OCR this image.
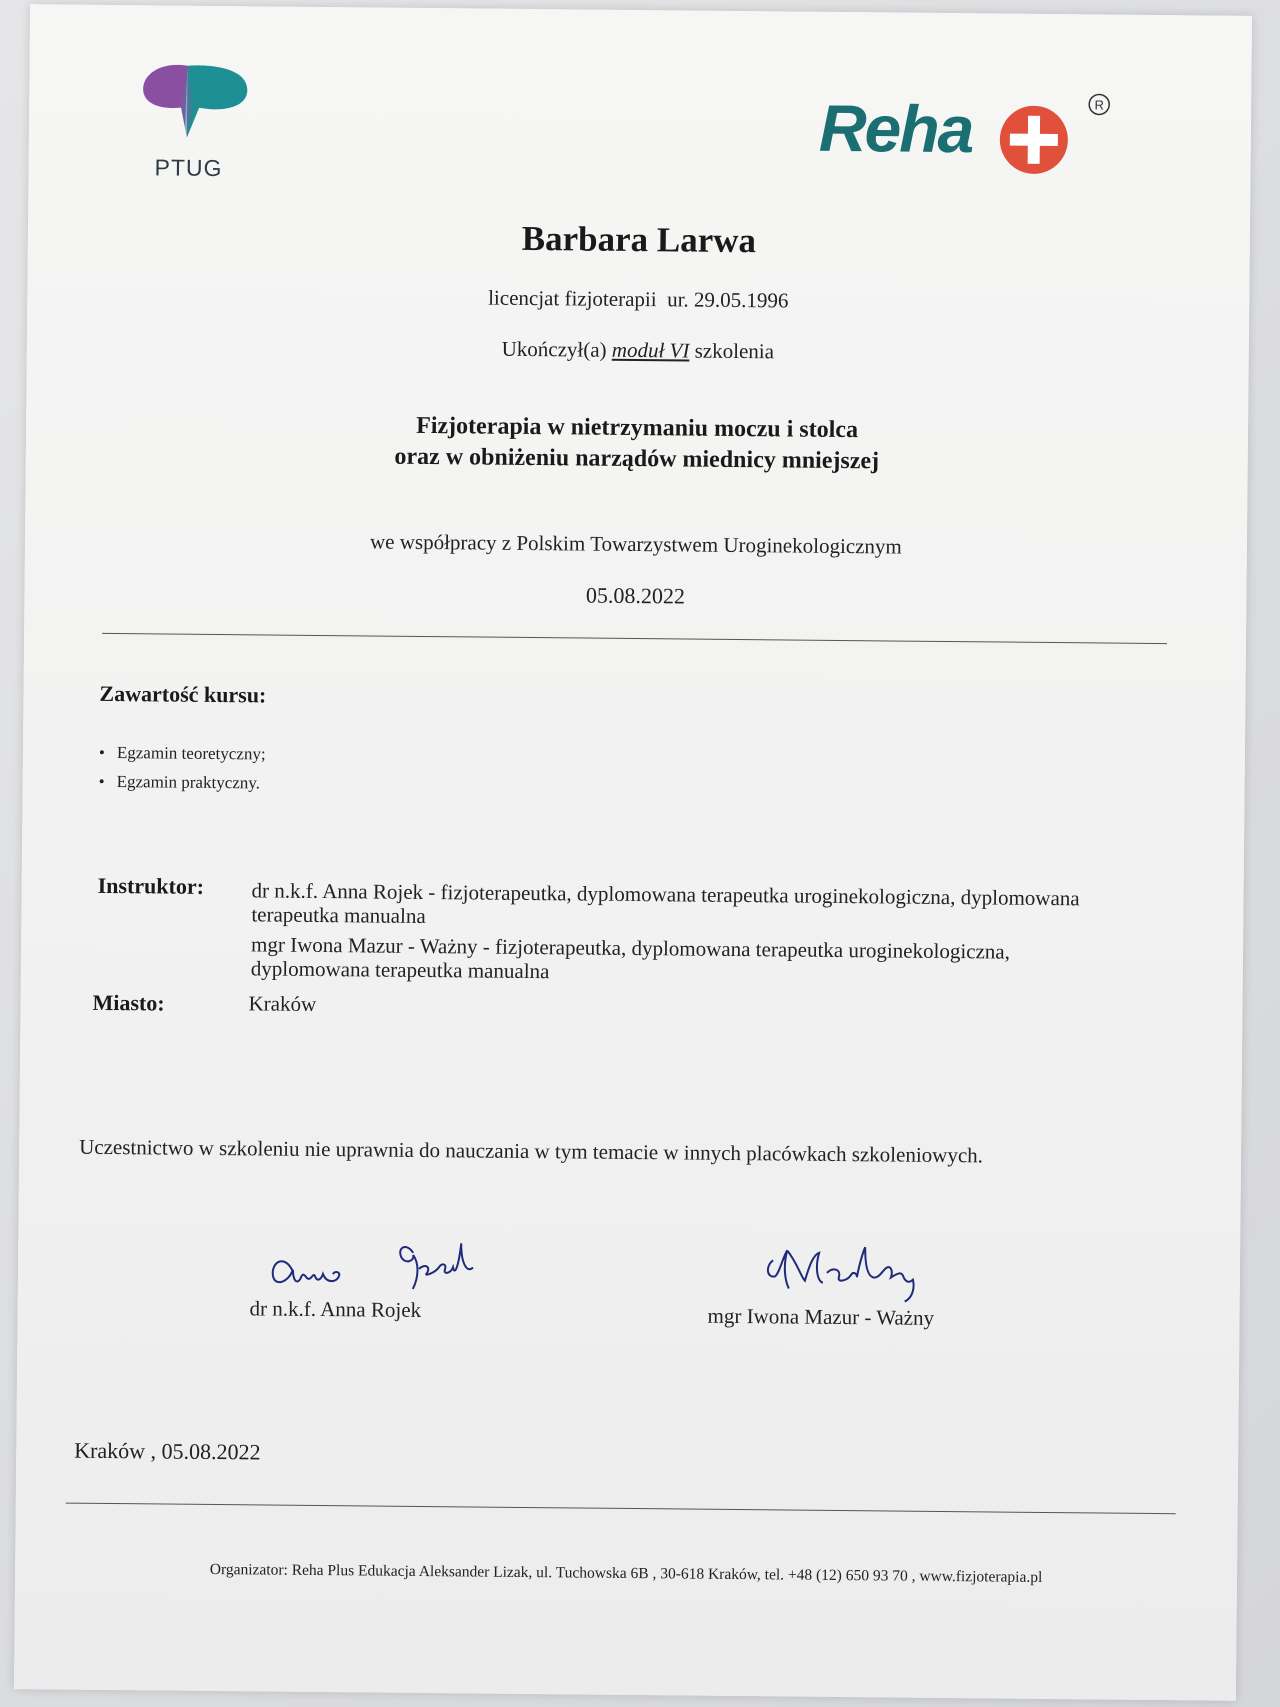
PTUG
Reha	R
Barbara Larwa
licencjat fizjoterapii  ur. 29.05.1996
Ukończył(a) moduł VI szkolenia
Fizjoterapia w nietrzymaniu moczu i stolca
oraz w obniżeniu narządów miednicy mniejszej
we współpracy z Polskim Towarzystwem Uroginekologicznym
05.08.2022
Zawartość kursu:
• Egzamin teoretyczny;
• Egzamin praktyczny.
Instruktor: dr n.k.f. Anna Rojek - fizjoterapeutka, dyplomowana terapeutka uroginekologiczna, dyplomowana terapeutka manualna

mgr Iwona Mazur - Ważny - fizjoterapeutka, dyplomowana terapeutka uroginekologiczna, dyplomowana terapeutka manualna

Miasto:	Kraków
Uczestnictwo w szkoleniu nie uprawnia do nauczania w tym temacie w innych placówkach szkoleniowych.
dr n.k.f. Anna Rojek	mgr Iwona Mazur - Ważny
Kraków , 05.08.2022
Organizator: Reha Plus Edukacja Aleksander Lizak, ul. Tuchowska 6B , 30-618 Kraków, tel. +48 (12) 650 93 70 , www.fizjoterapia.pl
